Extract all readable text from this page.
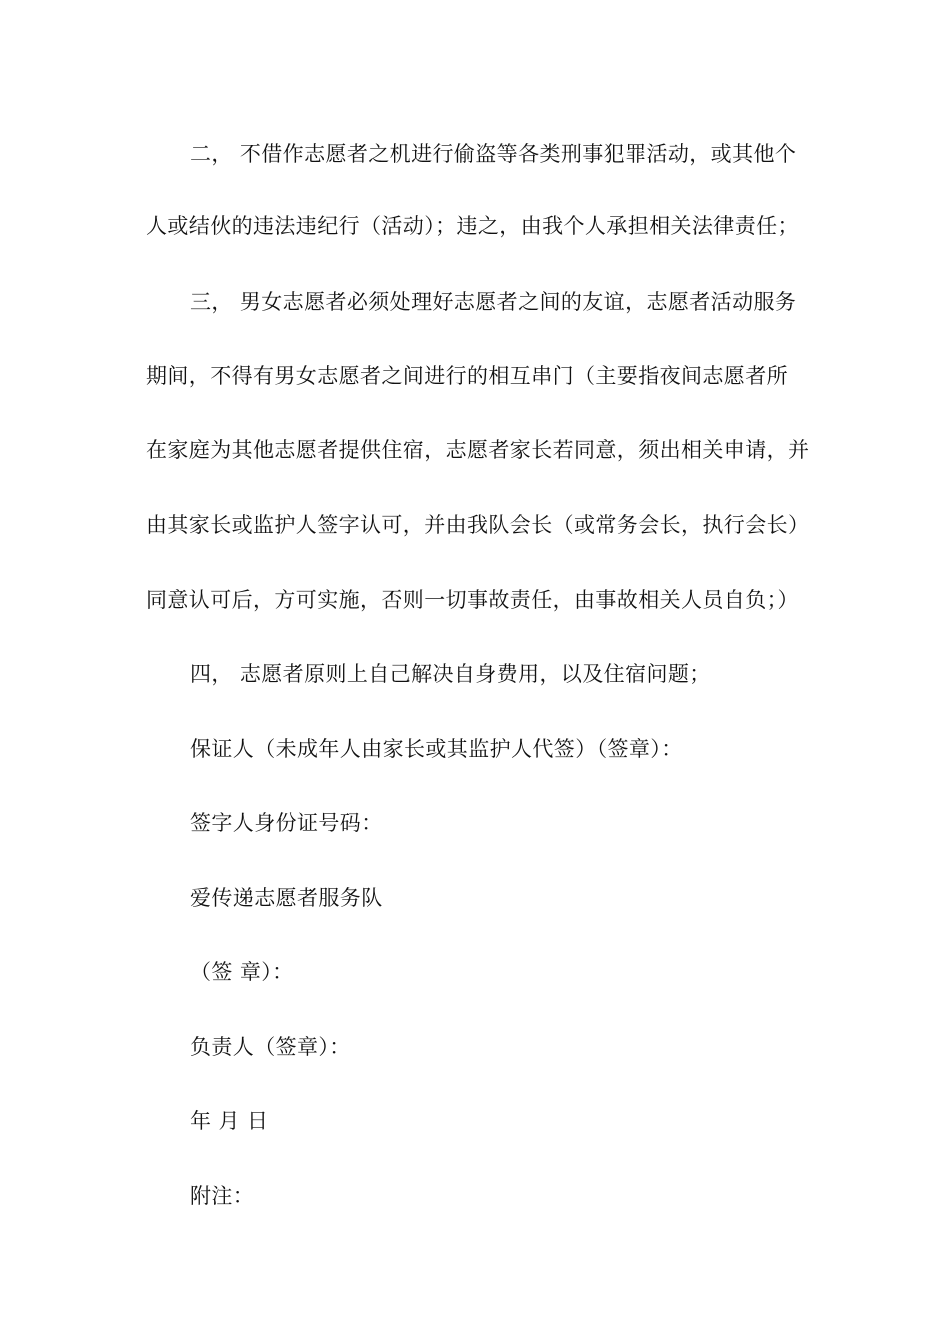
二， 不借作志愿者之机进行偷盗等各类刑事犯罪活动，或其他个
人或结伙的违法违纪行（活动）；违之，由我个人承担相关法律责任；
三， 男女志愿者必须处理好志愿者之间的友谊，志愿者活动服务
期间，不得有男女志愿者之间进行的相互串门（主要指夜间志愿者所
在家庭为其他志愿者提供住宿，志愿者家长若同意，须出相关申请，并
由其家长或监护人签字认可，并由我队会长（或常务会长，执行会长）
同意认可后，方可实施，否则一切事故责任，由事故相关人员自负；）
四， 志愿者原则上自己解决自身费用，以及住宿问题；
保证人（未成年人由家长或其监护人代签）（签章）：
签字人身份证号码：
爱传递志愿者服务队
（签 章）：
负责人（签章）：
年 月 日
附注：
